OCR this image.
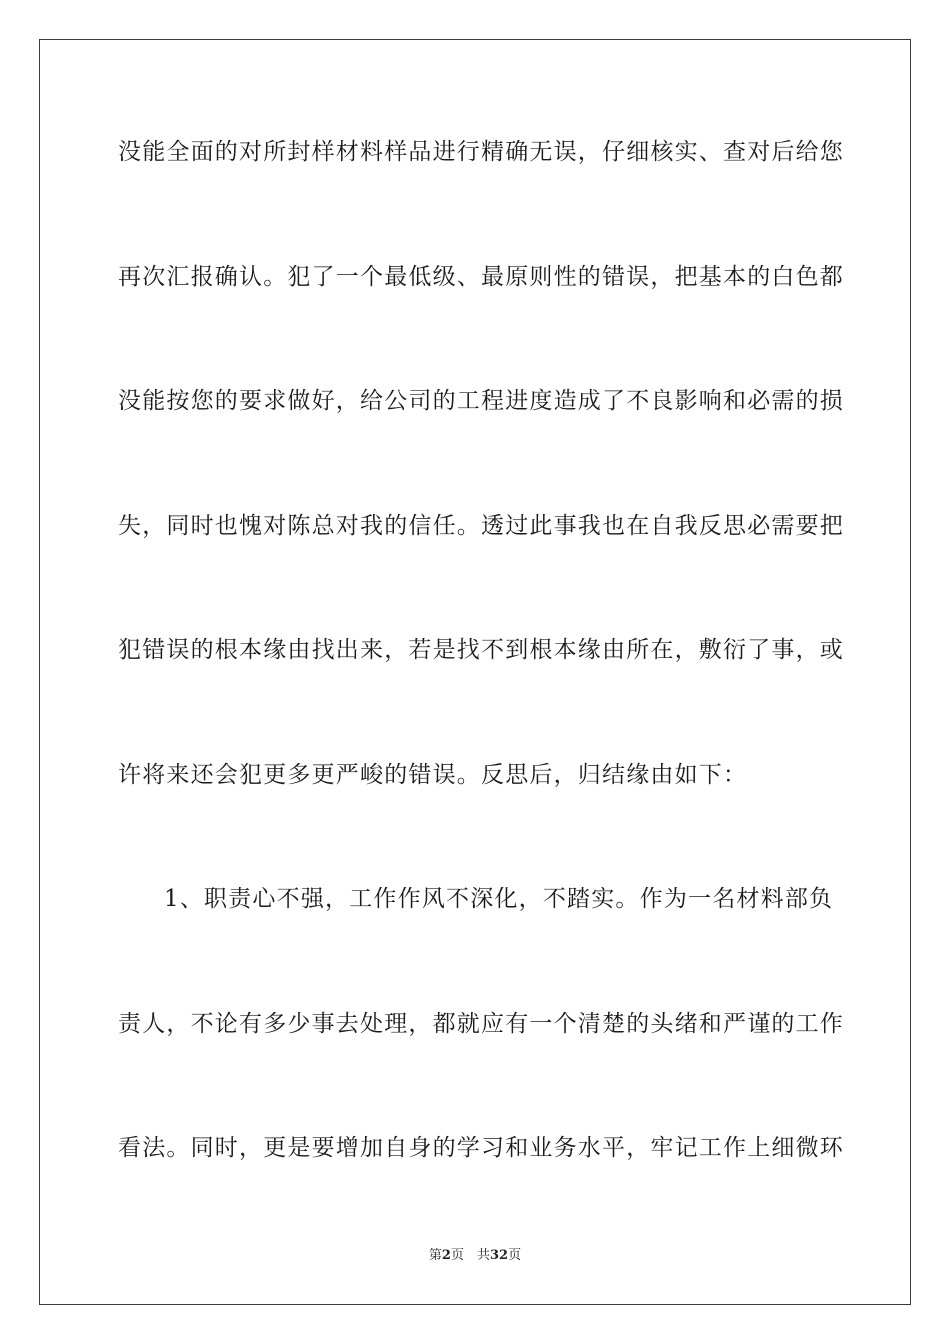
没能全面的对所封样材料样品进行精确无误，仔细核实、查对后给您
再次汇报确认。犯了一个最低级、最原则性的错误，把基本的白色都
没能按您的要求做好，给公司的工程进度造成了不良影响和必需的损
失，同时也愧对陈总对我的信任。透过此事我也在自我反思必需要把
犯错误的根本缘由找出来，若是找不到根本缘由所在，敷衍了事，或
许将来还会犯更多更严峻的错误。反思后，归结缘由如下：
1、职责心不强，工作作风不深化，不踏实。作为一名材料部负
责人，不论有多少事去处理，都就应有一个清楚的头绪和严谨的工作
看法。同时，更是要增加自身的学习和业务水平，牢记工作上细微环
第2页　共32页
